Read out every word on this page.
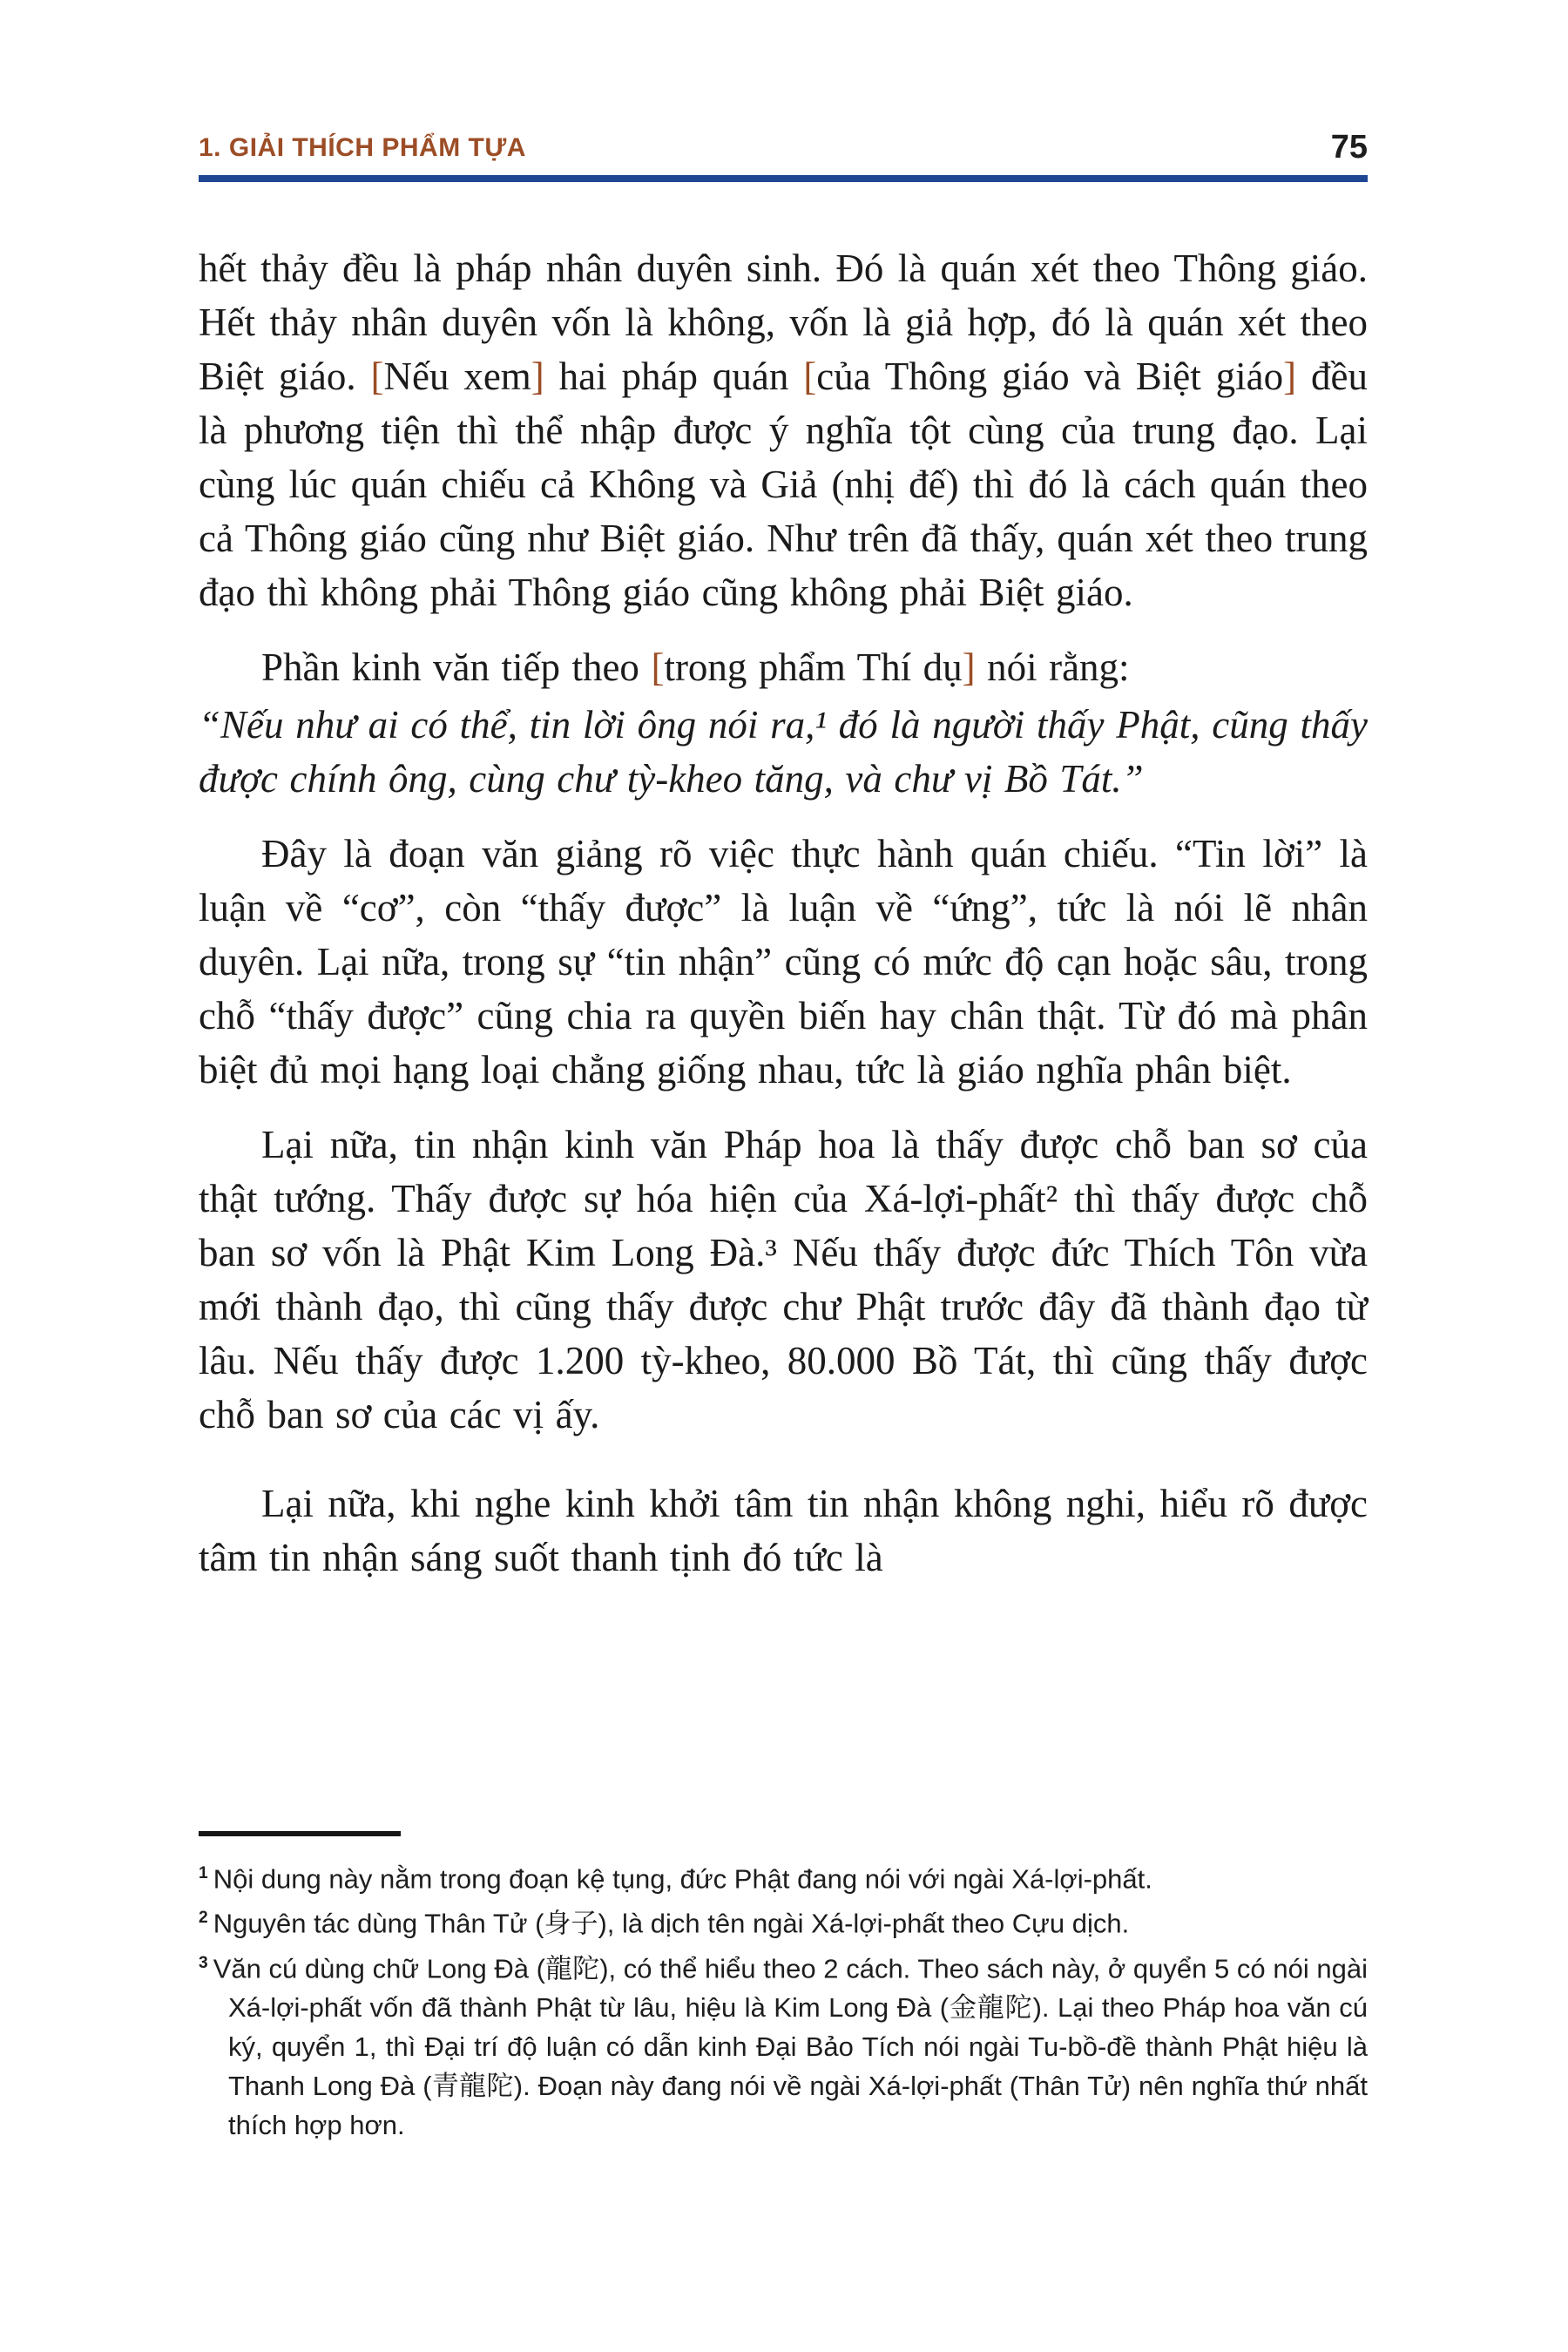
1. GIẢI THÍCH PHẨM TỰA	75

hết thảy đều là pháp nhân duyên sinh. Đó là quán xét theo Thông giáo. Hết thảy nhân duyên vốn là không, vốn là giả hợp, đó là quán xét theo Biệt giáo. [Nếu xem] hai pháp quán [của Thông giáo và Biệt giáo] đều là phương tiện thì thể nhập được ý nghĩa tột cùng của trung đạo. Lại cùng lúc quán chiếu cả Không và Giả (nhị đế) thì đó là cách quán theo cả Thông giáo cũng như Biệt giáo. Như trên đã thấy, quán xét theo trung đạo thì không phải Thông giáo cũng không phải Biệt giáo.

Phần kinh văn tiếp theo [trong phẩm Thí dụ] nói rằng:

“Nếu như ai có thể, tin lời ông nói ra,¹ đó là người thấy Phật, cũng thấy được chính ông, cùng chư tỳ-kheo tăng, và chư vị Bồ Tát.”

Đây là đoạn văn giảng rõ việc thực hành quán chiếu. “Tin lời” là luận về “cơ”, còn “thấy được” là luận về “ứng”, tức là nói lẽ nhân duyên. Lại nữa, trong sự “tin nhận” cũng có mức độ cạn hoặc sâu, trong chỗ “thấy được” cũng chia ra quyền biến hay chân thật. Từ đó mà phân biệt đủ mọi hạng loại chẳng giống nhau, tức là giáo nghĩa phân biệt.

Lại nữa, tin nhận kinh văn Pháp hoa là thấy được chỗ ban sơ của thật tướng. Thấy được sự hóa hiện của Xá-lợi-phất² thì thấy được chỗ ban sơ vốn là Phật Kim Long Đà.³ Nếu thấy được đức Thích Tôn vừa mới thành đạo, thì cũng thấy được chư Phật trước đây đã thành đạo từ lâu. Nếu thấy được 1.200 tỳ-kheo, 80.000 Bồ Tát, thì cũng thấy được chỗ ban sơ của các vị ấy.

Lại nữa, khi nghe kinh khởi tâm tin nhận không nghi, hiểu rõ được tâm tin nhận sáng suốt thanh tịnh đó tức là

$^1$ Nội dung này nằm trong đoạn kệ tụng, đức Phật đang nói với ngài Xá-lợi-phất.

$^2$ Nguyên tác dùng Thân Tử (身子), là dịch tên ngài Xá-lợi-phất theo Cựu dịch.

$^3$ Văn cú dùng chữ Long Đà (龍陀), có thể hiểu theo 2 cách. Theo sách này, ở quyển 5 có nói ngài Xá-lợi-phất vốn đã thành Phật từ lâu, hiệu là Kim Long Đà (金龍陀). Lại theo Pháp hoa văn cú ký, quyển 1, thì Đại trí độ luận có dẫn kinh Đại Bảo Tích nói ngài Tu-bồ-đề thành Phật hiệu là Thanh Long Đà (青龍陀). Đoạn này đang nói về ngài Xá-lợi-phất (Thân Tử) nên nghĩa thứ nhất thích hợp hơn.
